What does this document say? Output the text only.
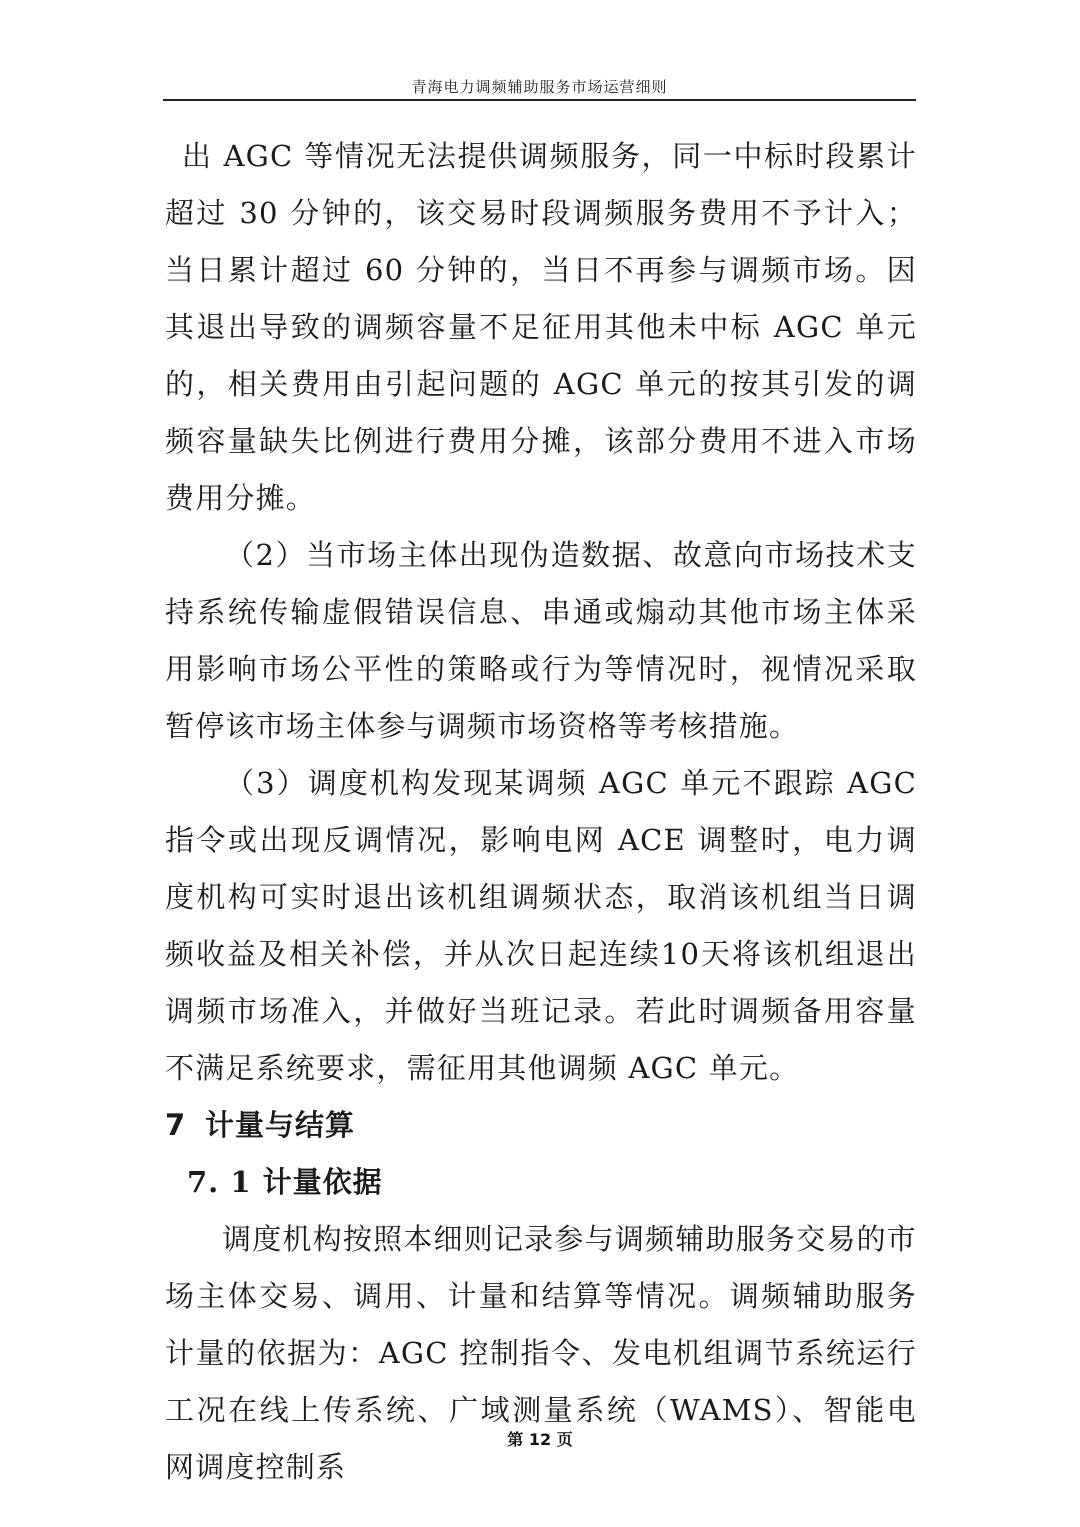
青海电力调频辅助服务市场运营细则

出 AGC 等情况无法提供调频服务，同一中标时段累计超过 30 分钟的，该交易时段调频服务费用不予计入；当日累计超过 60 分钟的，当日不再参与调频市场。因其退出导致的调频容量不足征用其他未中标 AGC 单元的，相关费用由引起问题的 AGC 单元的按其引发的调频容量缺失比例进行费用分摊，该部分费用不进入市场费用分摊。

（2）当市场主体出现伪造数据、故意向市场技术支持系统传输虚假错误信息、串通或煽动其他市场主体采用影响市场公平性的策略或行为等情况时，视情况采取暂停该市场主体参与调频市场资格等考核措施。

（3）调度机构发现某调频 AGC 单元不跟踪 AGC 指令或出现反调情况，影响电网 ACE 调整时，电力调度机构可实时退出该机组调频状态，取消该机组当日调频收益及相关补偿，并从次日起连续10天将该机组退出调频市场准入，并做好当班记录。若此时调频备用容量不满足系统要求，需征用其他调频 AGC 单元。

7 计量与结算
7. 1 计量依据

调度机构按照本细则记录参与调频辅助服务交易的市场主体交易、调用、计量和结算等情况。调频辅助服务计量的依据为：AGC 控制指令、发电机组调节系统运行工况在线上传系统、广域测量系统（WAMS）、智能电网调度控制系

第 12 页
